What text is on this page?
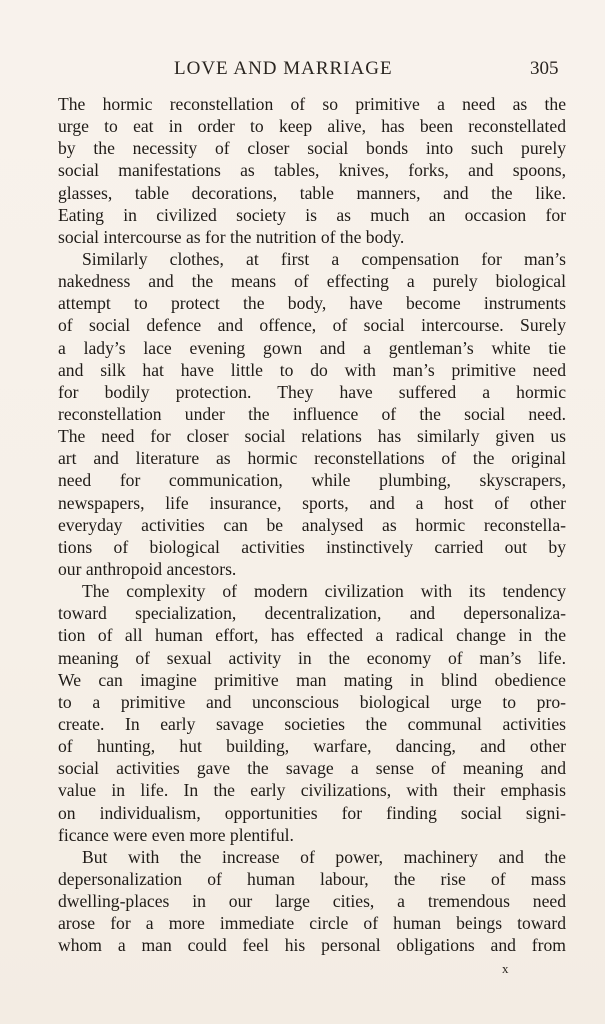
LOVE AND MARRIAGE	305
The hormic reconstellation of so primitive a need as the
urge to eat in order to keep alive, has been reconstellated
by the necessity of closer social bonds into such purely
social manifestations as tables, knives, forks, and spoons,
glasses, table decorations, table manners, and the like.
Eating in civilized society is as much an occasion for
social intercourse as for the nutrition of the body.
Similarly clothes, at first a compensation for man’s
nakedness and the means of effecting a purely biological
attempt to protect the body, have become instruments
of social defence and offence, of social intercourse. Surely
a lady’s lace evening gown and a gentleman’s white tie
and silk hat have little to do with man’s primitive need
for bodily protection. They have suffered a hormic
reconstellation under the influence of the social need.
The need for closer social relations has similarly given us
art and literature as hormic reconstellations of the original
need for communication, while plumbing, skyscrapers,
newspapers, life insurance, sports, and a host of other
everyday activities can be analysed as hormic reconstella-
tions of biological activities instinctively carried out by
our anthropoid ancestors.
The complexity of modern civilization with its tendency
toward specialization, decentralization, and depersonaliza-
tion of all human effort, has effected a radical change in the
meaning of sexual activity in the economy of man’s life.
We can imagine primitive man mating in blind obedience
to a primitive and unconscious biological urge to pro-
create. In early savage societies the communal activities
of hunting, hut building, warfare, dancing, and other
social activities gave the savage a sense of meaning and
value in life. In the early civilizations, with their emphasis
on individualism, opportunities for finding social signi-
ficance were even more plentiful.
But with the increase of power, machinery and the
depersonalization of human labour, the rise of mass
dwelling-places in our large cities, a tremendous need
arose for a more immediate circle of human beings toward
whom a man could feel his personal obligations and from
x
